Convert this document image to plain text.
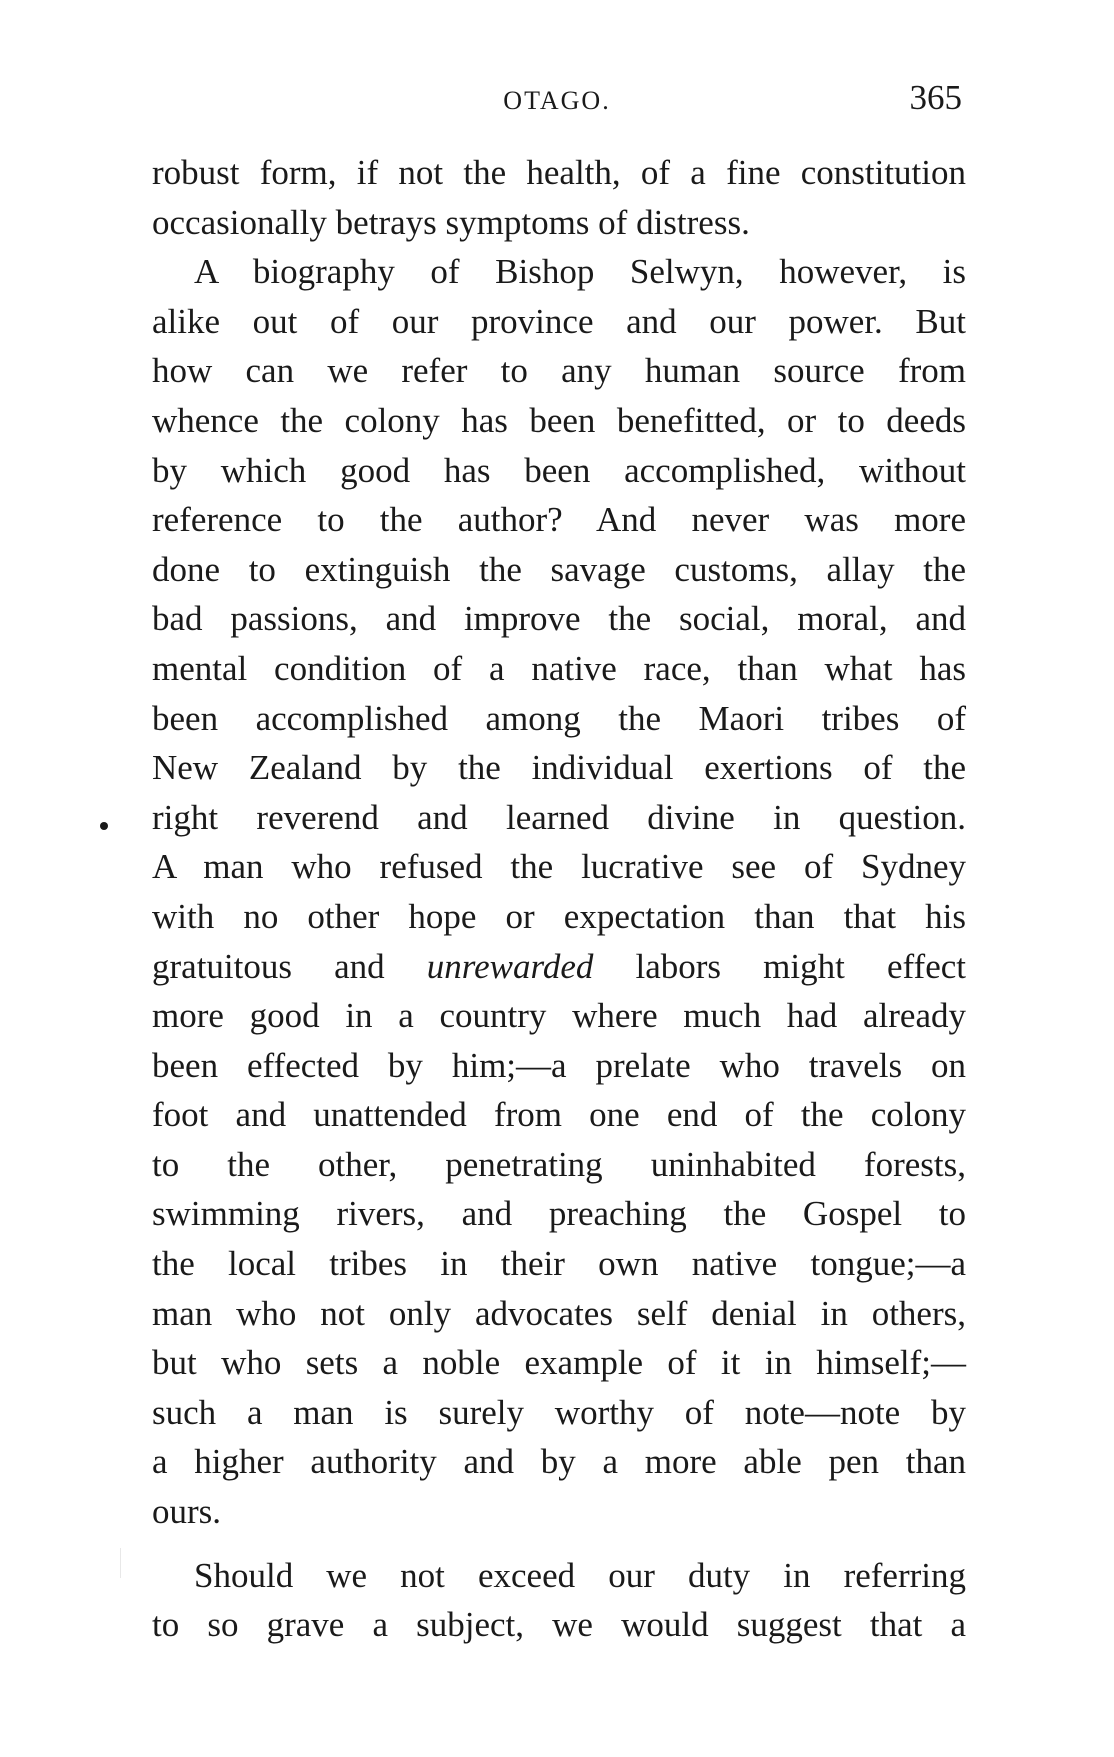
OTAGO.	365
robust form, if not the health, of a fine constitution
occasionally betrays symptoms of distress.
A biography of Bishop Selwyn, however, is
alike out of our province and our power. But
how can we refer to any human source from
whence the colony has been benefitted, or to deeds
by which good has been accomplished, without
reference to the author? And never was more
done to extinguish the savage customs, allay the
bad passions, and improve the social, moral, and
mental condition of a native race, than what has
been accomplished among the Maori tribes of
New Zealand by the individual exertions of the
right reverend and learned divine in question.
A man who refused the lucrative see of Sydney
with no other hope or expectation than that his
gratuitous and unrewarded labors might effect
more good in a country where much had already
been effected by him;—a prelate who travels on
foot and unattended from one end of the colony
to the other, penetrating uninhabited forests,
swimming rivers, and preaching the Gospel to
the local tribes in their own native tongue;—a
man who not only advocates self denial in others,
but who sets a noble example of it in himself;—
such a man is surely worthy of note—note by
a higher authority and by a more able pen than
ours.
Should we not exceed our duty in referring
to so grave a subject, we would suggest that a
